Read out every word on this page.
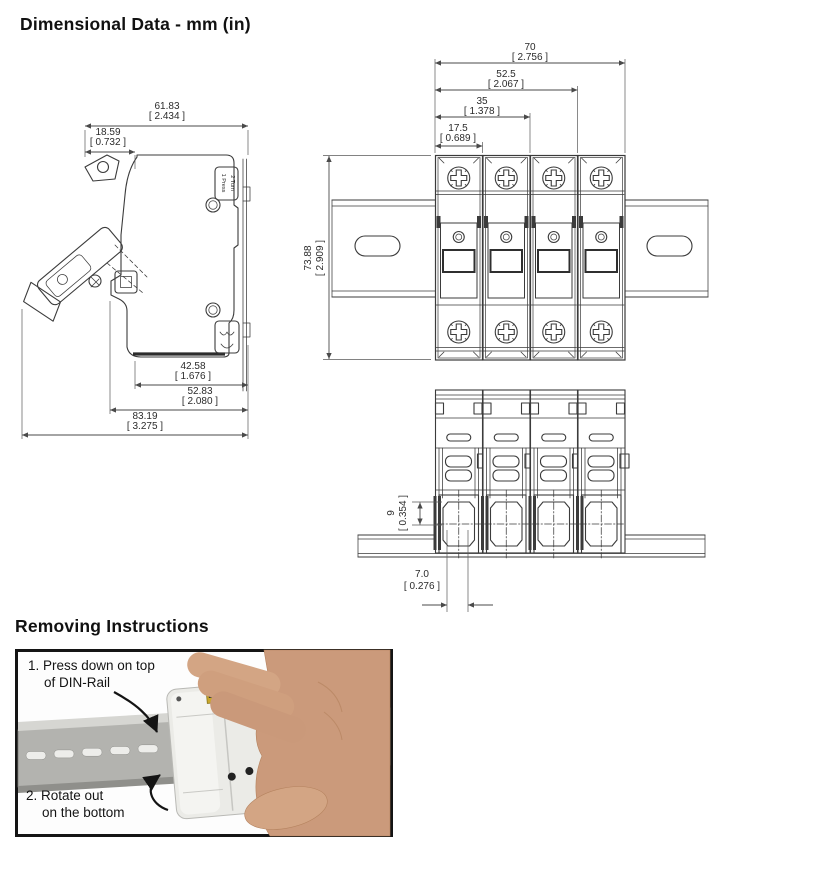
Dimensional Data - mm (in)
1 Press 2 Turn
61.83
[ 2.434 ]
18.59
[ 0.732 ]
42.58
[ 1.676 ]
52.83
[ 2.080 ]
83.19
[ 3.275 ]
70
[ 2.756 ]
52.5
[ 2.067 ]
35
[ 1.378 ]
17.5
[ 0.689 ]
73.88 [ 2.909 ]
9 [ 0.354 ]
7.0
[ 0.276 ]
Removing Instructions
1. Press down on top
of DIN-Rail
2. Rotate out
on the bottom
